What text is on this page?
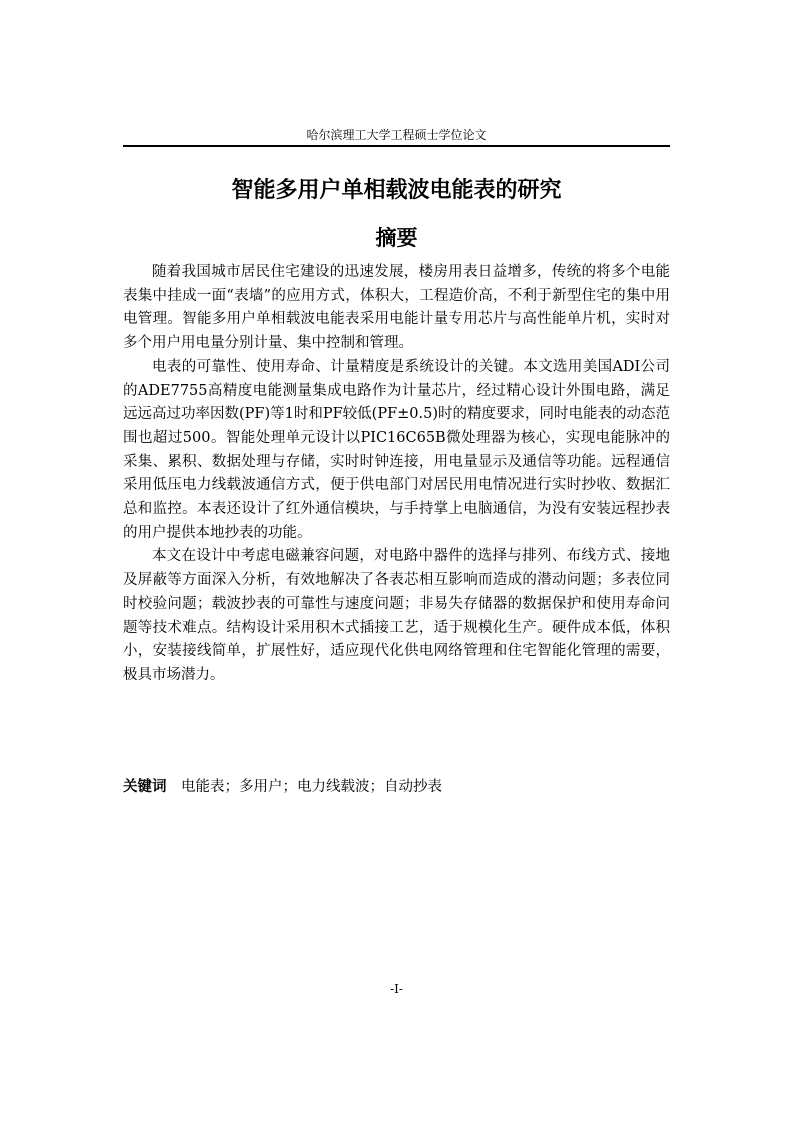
哈尔滨理工大学工程硕士学位论文
智能多用户单相载波电能表的研究
摘要

随着我国城市居民住宅建设的迅速发展，楼房用表日益增多，传统的将多个电能表集中挂成一面“表墙”的应用方式，体积大，工程造价高，不利于新型住宅的集中用电管理。智能多用户单相载波电能表采用电能计量专用芯片与高性能单片机，实时对多个用户用电量分别计量、集中控制和管理。

电表的可靠性、使用寿命、计量精度是系统设计的关键。本文选用美国ADI公司的ADE7755高精度电能测量集成电路作为计量芯片，经过精心设计外围电路，满足远远高过功率因数(PF)等1时和PF较低(PF±0.5)时的精度要求，同时电能表的动态范围也超过500。智能处理单元设计以PIC16C65B微处理器为核心，实现电能脉冲的采集、累积、数据处理与存储，实时时钟连接，用电量显示及通信等功能。远程通信采用低压电力线载波通信方式，便于供电部门对居民用电情况进行实时抄收、数据汇总和监控。本表还设计了红外通信模块，与手持掌上电脑通信，为没有安装远程抄表的用户提供本地抄表的功能。

本文在设计中考虑电磁兼容问题，对电路中器件的选择与排列、布线方式、接地及屏蔽等方面深入分析，有效地解决了各表芯相互影响而造成的潜动问题；多表位同时校验问题；载波抄表的可靠性与速度问题；非易失存储器的数据保护和使用寿命问题等技术难点。结构设计采用积木式插接工艺，适于规模化生产。硬件成本低，体积小，安装接线简单，扩展性好，适应现代化供电网络管理和住宅智能化管理的需要，极具市场潜力。

关键词 电能表；多用户；电力线载波；自动抄表
-I-
